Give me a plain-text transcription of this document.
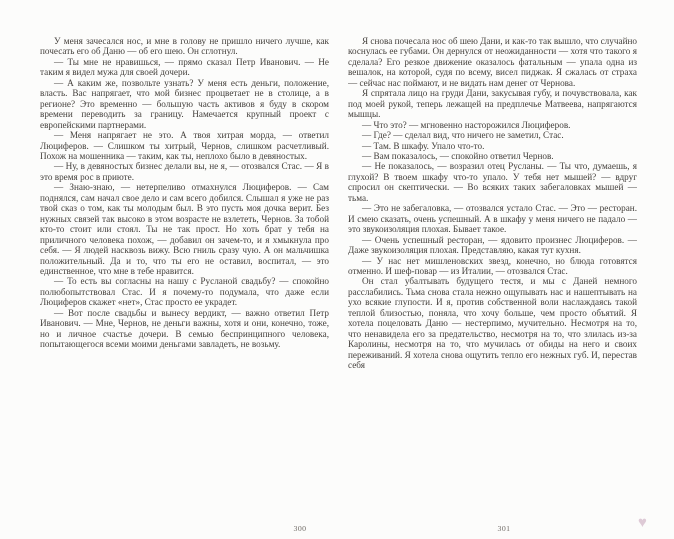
У меня зачесался нос, и мне в голову не пришло ничего лучше, как почесать его об Даню — об его шею. Он сглотнул.

— Ты мне не нравишься, — прямо сказал Петр Иванович. — Не таким я видел мужа для своей дочери.

— А каким же, позвольте узнать? У меня есть деньги, положение, власть. Вас напрягает, что мой бизнес процветает не в столице, а в регионе? Это временно — большую часть активов я буду в скором времени переводить за границу. Намечается крупный проект с европейскими партнерами.

— Меня напрягает не это. А твоя хитрая морда, — ответил Люциферов. — Слишком ты хитрый, Чернов, слишком расчетливый. Похож на мошенника — таким, как ты, неплохо было в девяностых.

— Ну, в девяностых бизнес делали вы, не я, — отозвался Стас. — Я в это время рос в приюте.

— Знаю-знаю, — нетерпеливо отмахнулся Люциферов. — Сам поднялся, сам начал свое дело и сам всего добился. Слышал я уже не раз твой сказ о том, как ты молодым был. В это пусть моя дочка верит. Без нужных связей так высоко в этом возрасте не взлететь, Чернов. За тобой кто-то стоит или стоял. Ты не так прост. Но хоть брат у тебя на приличного человека похож, — добавил он зачем-то, и я хмыкнула про себя. — Я людей насквозь вижу. Всю гниль сразу чую. А он мальчишка положительный. Да и то, что ты его не оставил, воспитал, — это единственное, что мне в тебе нравится.

— То есть вы согласны на нашу с Русланой свадьбу? — спокойно полюбопытствовал Стас. И я почему-то подумала, что даже если Люциферов скажет «нет», Стас просто ее украдет.

— Вот после свадьбы и вынесу вердикт, — важно ответил Петр Иванович. — Мне, Чернов, не деньги важны, хотя и они, конечно, тоже, но и личное счастье дочери. В семью беспринципного человека, попытающегося всеми моими деньгами завладеть, не возьму.

Я снова почесала нос об шею Дани, и как-то так вышло, что случайно коснулась ее губами. Он дернулся от неожиданности — хотя что такого я сделала? Его резкое движение оказалось фатальным — упала одна из вешалок, на которой, судя по всему, висел пиджак. Я сжалась от страха — сейчас нас поймают, и не видать нам денег от Чернова.

Я спрятала лицо на груди Дани, закусывая губу, и почувствовала, как под моей рукой, теперь лежащей на предплечье Матвеева, напрягаются мышцы.

— Что это? — мгновенно насторожился Люциферов.

— Где? — сделал вид, что ничего не заметил, Стас.

— Там. В шкафу. Упало что-то.

— Вам показалось, — спокойно ответил Чернов.

— Не показалось, — возразил отец Русланы. — Ты что, думаешь, я глухой? В твоем шкафу что-то упало. У тебя нет мышей? — вдруг спросил он скептически. — Во всяких таких забегаловках мышей — тьма.

— Это не забегаловка, — отозвался устало Стас. — Это — ресторан. И смею сказать, очень успешный. А в шкафу у меня ничего не падало — это звукоизоляция плохая. Бывает такое.

— Очень успешный ресторан, — ядовито произнес Люциферов. — Даже звукоизоляция плохая. Представляю, какая тут кухня.

— У нас нет мишленовских звезд, конечно, но блюда готовятся отменно. И шеф-повар — из Италии, — отозвался Стас.

Он стал убалтывать будущего тестя, и мы с Даней немного расслабились. Тьма снова стала нежно ощупывать нас и нашептывать на ухо всякие глупости. И я, против собственной воли наслаждаясь такой теплой близостью, поняла, что хочу больше, чем просто объятий. Я хотела поцеловать Даню — нестерпимо, мучительно. Несмотря на то, что ненавидела его за предательство, несмотря на то, что злилась из-за Каролины, несмотря на то, что мучилась от обиды на него и своих переживаний. Я хотела снова ощутить тепло его нежных губ. И, перестав себя

300	301	♥
